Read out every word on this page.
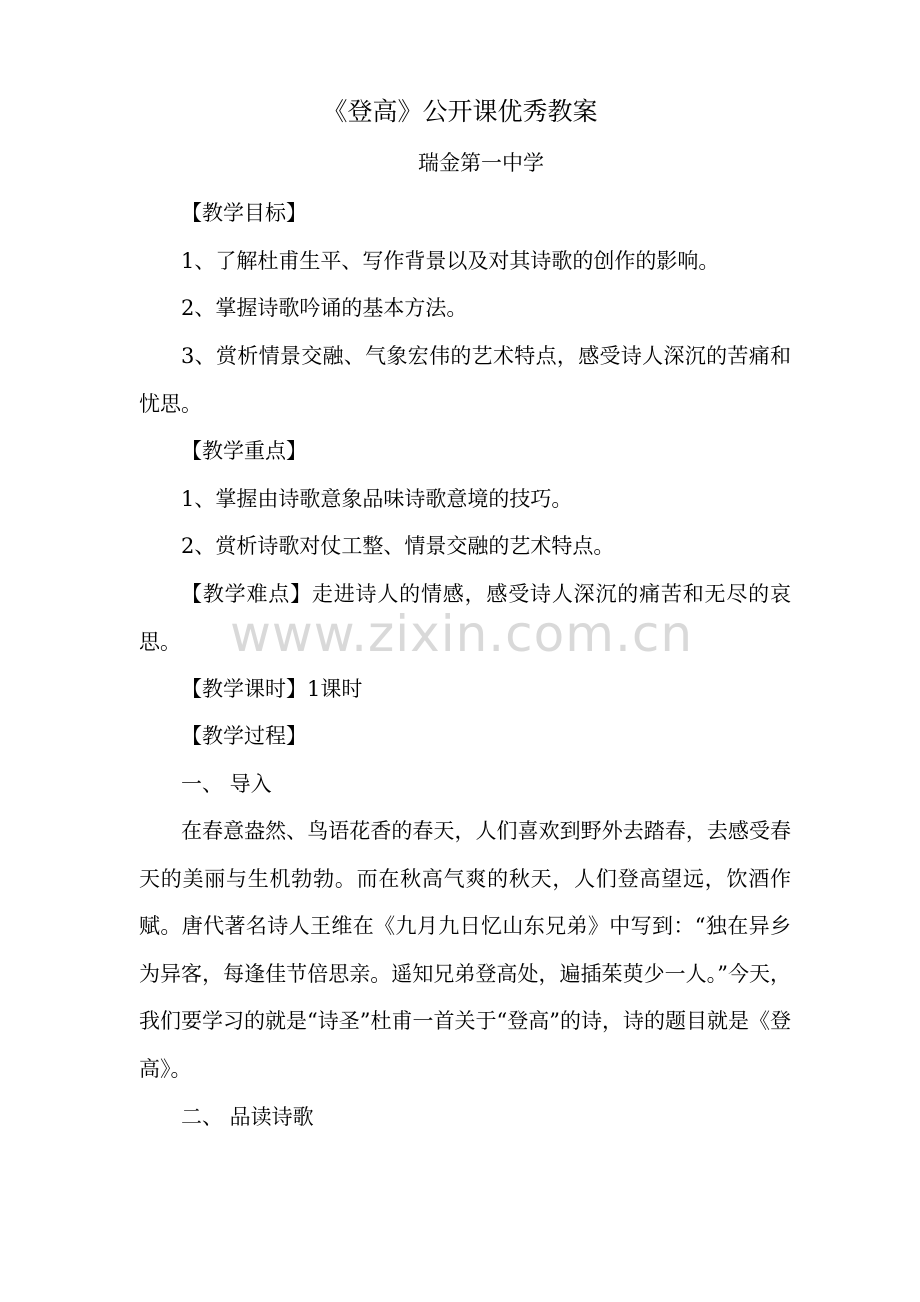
《登高》公开课优秀教案
瑞金第一中学

【教学目标】

1、了解杜甫生平、写作背景以及对其诗歌的创作的影响。

2、掌握诗歌吟诵的基本方法。

3、赏析情景交融、气象宏伟的艺术特点，感受诗人深沉的苦痛和忧思。

【教学重点】

1、掌握由诗歌意象品味诗歌意境的技巧。

2、赏析诗歌对仗工整、情景交融的艺术特点。

【教学难点】走进诗人的情感，感受诗人深沉的痛苦和无尽的哀思。

【教学课时】1课时

【教学过程】

一、 导入

在春意盎然、鸟语花香的春天，人们喜欢到野外去踏春，去感受春天的美丽与生机勃勃。而在秋高气爽的秋天，人们登高望远，饮酒作赋。唐代著名诗人王维在《九月九日忆山东兄弟》中写到：“独在异乡为异客，每逢佳节倍思亲。遥知兄弟登高处，遍插茱萸少一人。”今天，我们要学习的就是“诗圣”杜甫一首关于“登高”的诗，诗的题目就是《登高》。

二、 品读诗歌

www.zixin.com.cn
